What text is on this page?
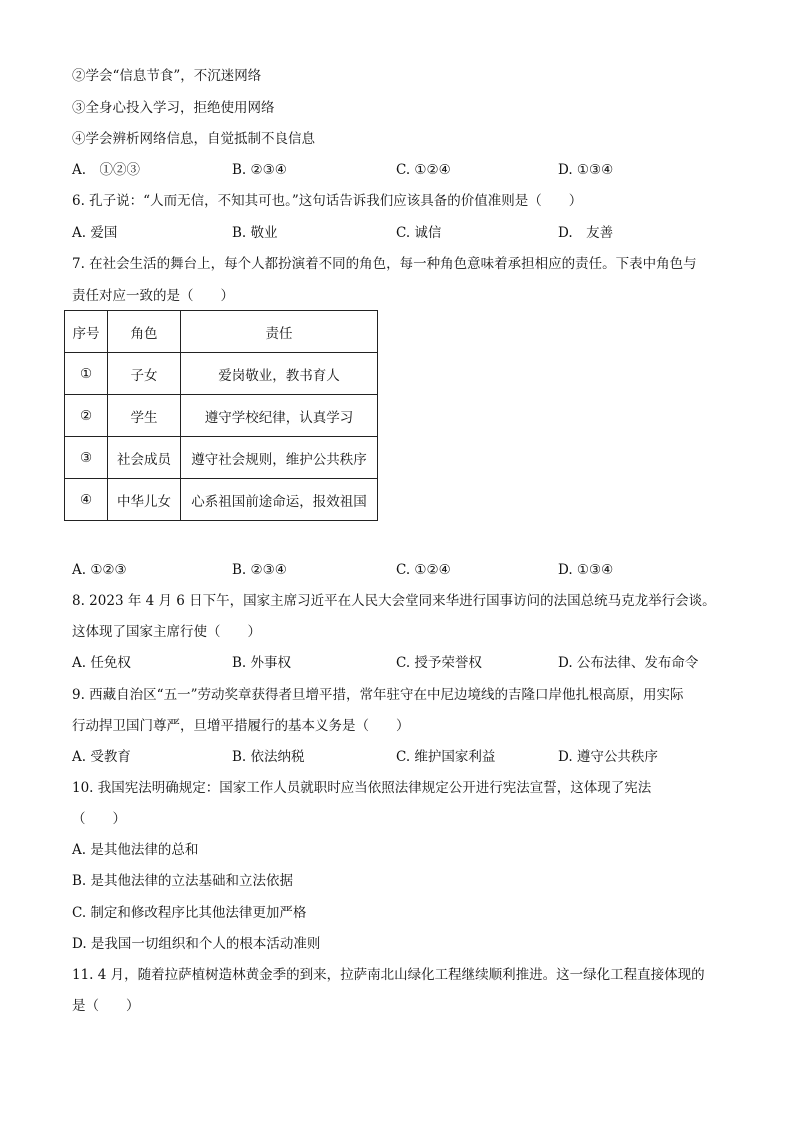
②学会“信息节食”，不沉迷网络
③全身心投入学习，拒绝使用网络
④学会辨析网络信息，自觉抵制不良信息
A.　①②③	B. ②③④	C. ①②④	D. ①③④
6. 孔子说：“人而无信，不知其可也。”这句话告诉我们应该具备的价值准则是（　　）
A. 爱国	B. 敬业	C. 诚信	D.　友善
7. 在社会生活的舞台上，每个人都扮演着不同的角色，每一种角色意味着承担相应的责任。下表中角色与
责任对应一致的是（　　）
序号	角色	责任
①	子女	爱岗敬业，教书育人
②	学生	遵守学校纪律，认真学习
③	社会成员	遵守社会规则，维护公共秩序
④	中华儿女	心系祖国前途命运，报效祖国
A. ①②③	B. ②③④	C. ①②④	D. ①③④
8. 2023 年 4 月 6 日下午，国家主席习近平在人民大会堂同来华进行国事访问的法国总统马克龙举行会谈。
这体现了国家主席行使（　　）
A. 任免权	B. 外事权	C. 授予荣誉权	D. 公布法律、发布命令
9. 西藏自治区“五一”劳动奖章获得者旦增平措，常年驻守在中尼边境线的吉隆口岸他扎根高原，用实际
行动捍卫国门尊严，旦增平措履行的基本义务是（　　）
A. 受教育	B. 依法纳税	C. 维护国家利益	D. 遵守公共秩序
10. 我国宪法明确规定：国家工作人员就职时应当依照法律规定公开进行宪法宣誓，这体现了宪法
（　　）
A. 是其他法律的总和
B. 是其他法律的立法基础和立法依据
C. 制定和修改程序比其他法律更加严格
D. 是我国一切组织和个人的根本活动准则
11. 4 月，随着拉萨植树造林黄金季的到来，拉萨南北山绿化工程继续顺利推进。这一绿化工程直接体现的
是（　　）
